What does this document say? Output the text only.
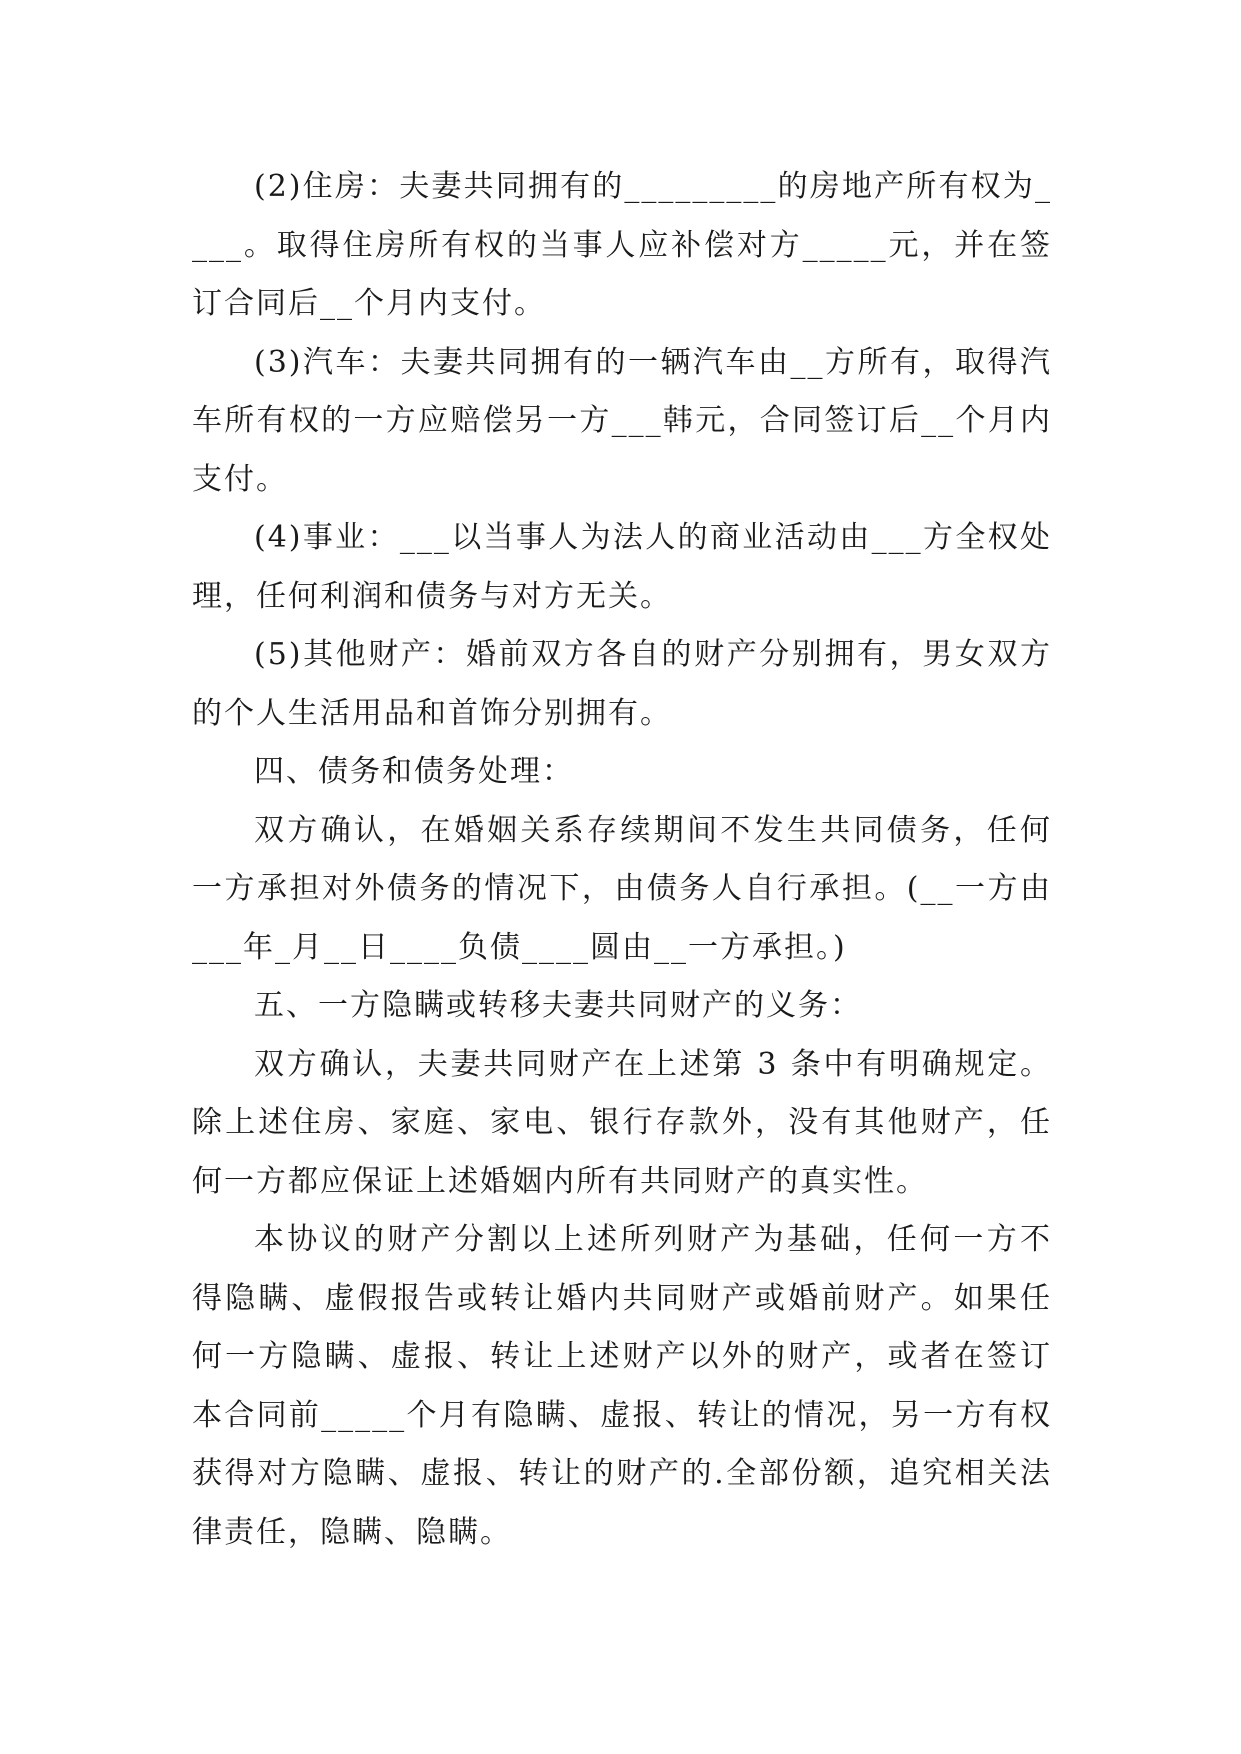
(2)住房：夫妻共同拥有的_________的房地产所有权为____。取得住房所有权的当事人应补偿对方_____元，并在签订合同后__个月内支付。

(3)汽车：夫妻共同拥有的一辆汽车由__方所有，取得汽车所有权的一方应赔偿另一方___韩元，合同签订后__个月内支付。

(4)事业：___以当事人为法人的商业活动由___方全权处理，任何利润和债务与对方无关。

(5)其他财产：婚前双方各自的财产分别拥有，男女双方的个人生活用品和首饰分别拥有。

四、债务和债务处理：

双方确认，在婚姻关系存续期间不发生共同债务，任何一方承担对外债务的情况下，由债务人自行承担。(__一方由___年_月__日____负债____圆由__一方承担。)

五、一方隐瞒或转移夫妻共同财产的义务：

双方确认，夫妻共同财产在上述第 3 条中有明确规定。除上述住房、家庭、家电、银行存款外，没有其他财产，任何一方都应保证上述婚姻内所有共同财产的真实性。

本协议的财产分割以上述所列财产为基础，任何一方不得隐瞒、虚假报告或转让婚内共同财产或婚前财产。如果任何一方隐瞒、虚报、转让上述财产以外的财产，或者在签订本合同前_____个月有隐瞒、虚报、转让的情况，另一方有权获得对方隐瞒、虚报、转让的财产的.全部份额，追究相关法律责任，隐瞒、隐瞒。
